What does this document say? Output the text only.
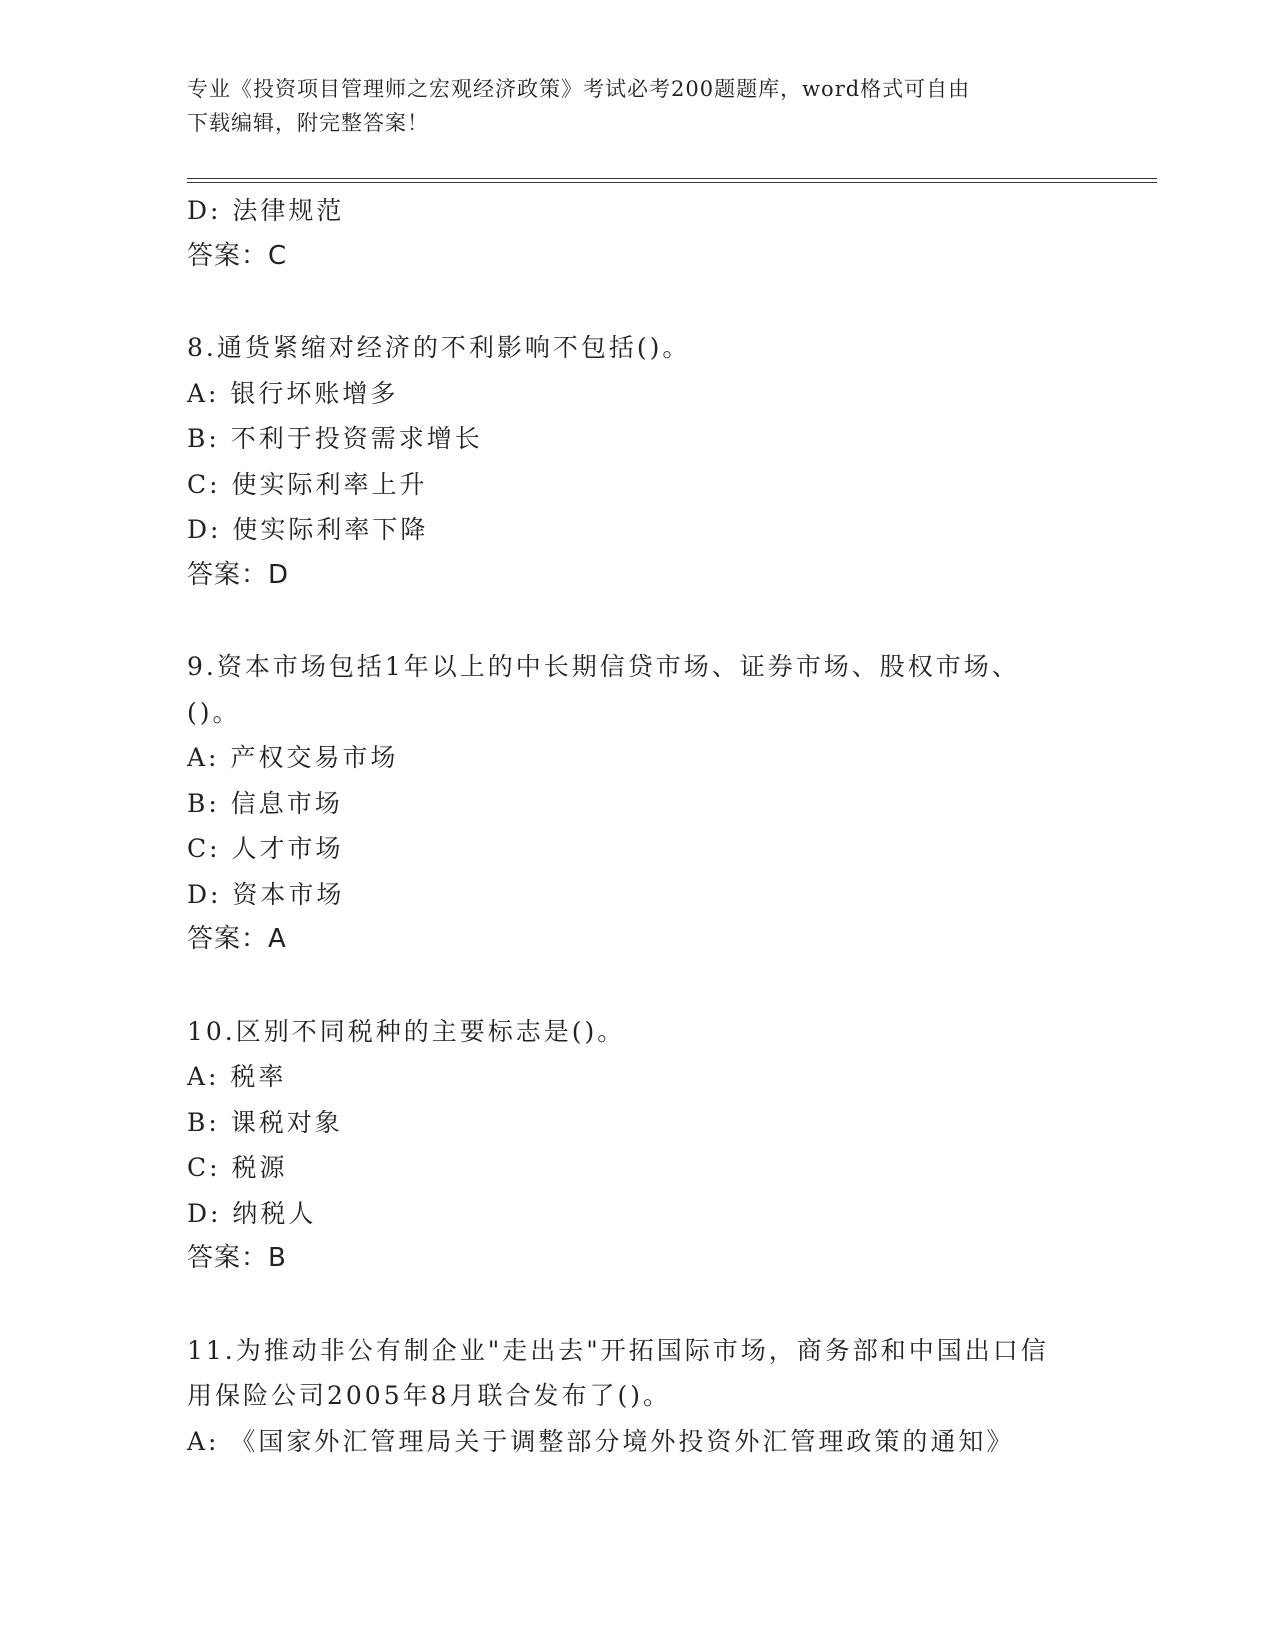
专业《投资项目管理师之宏观经济政策》考试必考200题题库，word格式可自由
下载编辑，附完整答案！
D: 法律规范
答案：C
8.通货紧缩对经济的不利影响不包括()。
A: 银行坏账增多
B: 不利于投资需求增长
C: 使实际利率上升
D: 使实际利率下降
答案：D
9.资本市场包括1年以上的中长期信贷市场、证券市场、股权市场、
()。
A: 产权交易市场
B: 信息市场
C: 人才市场
D: 资本市场
答案：A
10.区别不同税种的主要标志是()。
A: 税率
B: 课税对象
C: 税源
D: 纳税人
答案：B
11.为推动非公有制企业"走出去"开拓国际市场，商务部和中国出口信
用保险公司2005年8月联合发布了()。
A: 《国家外汇管理局关于调整部分境外投资外汇管理政策的通知》
